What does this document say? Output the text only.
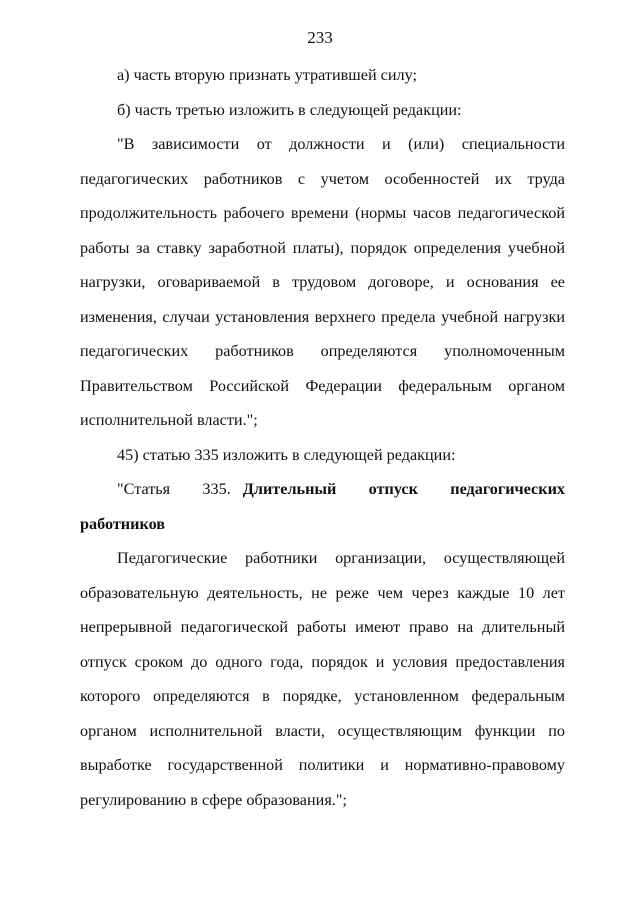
233

а) часть вторую признать утратившей силу;

б) часть третью изложить в следующей редакции:

"В зависимости от должности и (или) специальности педагогических работников с учетом особенностей их труда продолжительность рабочего времени (нормы часов педагогической работы за ставку заработной платы), порядок определения учебной нагрузки, оговариваемой в трудовом договоре, и основания ее изменения, случаи установления верхнего предела учебной нагрузки педагогических работников определяются уполномоченным Правительством Российской Федерации федеральным органом исполнительной власти.";

45) статью 335 изложить в следующей редакции:

"Статья 335. Длительный отпуск педагогических работников

Педагогические работники организации, осуществляющей образовательную деятельность, не реже чем через каждые 10 лет непрерывной педагогической работы имеют право на длительный отпуск сроком до одного года, порядок и условия предоставления которого определяются в порядке, установленном федеральным органом исполнительной власти, осуществляющим функции по выработке государственной политики и нормативно-правовому регулированию в сфере образования.";
